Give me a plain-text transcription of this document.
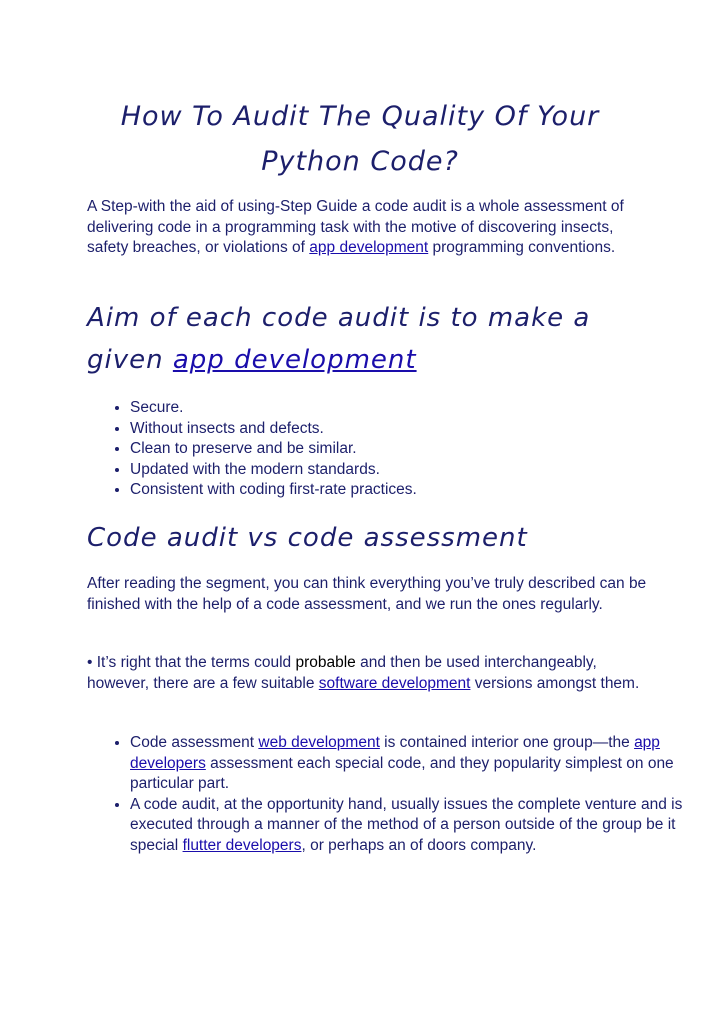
How To Audit The Quality Of Your
Python Code?
A Step-with the aid of using-Step Guide a code audit is a whole assessment of delivering code in a programming task with the motive of discovering insects, safety breaches, or violations of app development programming conventions.
Aim of each code audit is to make a
given app development
• Secure.
• Without insects and defects.
• Clean to preserve and be similar.
• Updated with the modern standards.
• Consistent with coding first-rate practices.
Code audit vs code assessment
After reading the segment, you can think everything you’ve truly described can be finished with the help of a code assessment, and we run the ones regularly.
• It’s right that the terms could probable and then be used interchangeably, however, there are a few suitable software development versions amongst them.
• Code assessment web development is contained interior one group—the app developers assessment each special code, and they popularity simplest on one particular part.
• A code audit, at the opportunity hand, usually issues the complete venture and is executed through a manner of the method of a person outside of the group be it special flutter developers, or perhaps an of doors company.
